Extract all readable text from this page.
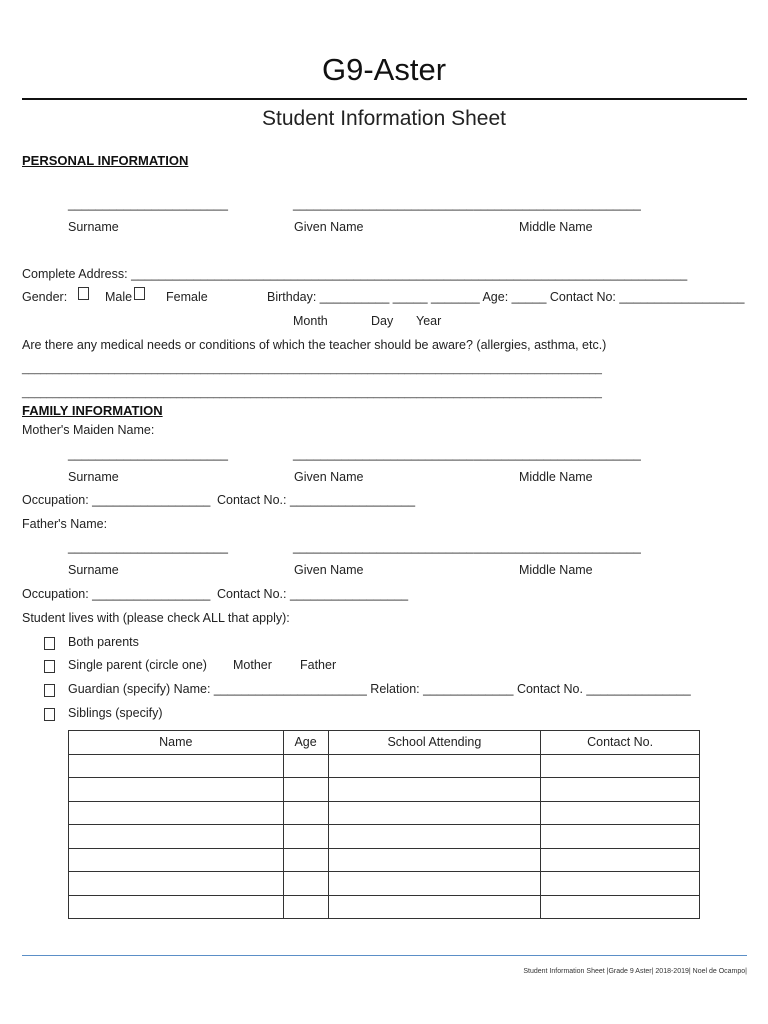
G9-Aster
Student Information Sheet
PERSONAL INFORMATION
_______________________	__________________________ ________________________
Surname	Given Name	Middle Name
Complete Address: ________________________________________________________________________________
Gender:	Male	Female	Birthday: __________ _____ _______ Age: _____ Contact No: __________________
Month	Day Year
Are there any medical needs or conditions of which the teacher should be aware? (allergies, asthma, etc.)
______________________________________________________________________________________________
______________________________________________________________________________________________
FAMILY INFORMATION
Mother's Maiden Name:
_______________________	__________________________ ________________________
Surname	Given Name	Middle Name
Occupation: _________________ Contact No.: __________________
Father's Name:
_______________________	__________________________ ________________________
Surname	Given Name	Middle Name
Occupation: _________________ Contact No.: _________________
Student lives with (please check ALL that apply):
Both parents
Single parent (circle one) Mother Father
Guardian (specify) Name: ______________________ Relation: _____________ Contact No. _______________
Siblings (specify)
Name	Age	School Attending	Contact No.

Student Information Sheet |Grade 9 Aster| 2018-2019| Noel de Ocampo|
